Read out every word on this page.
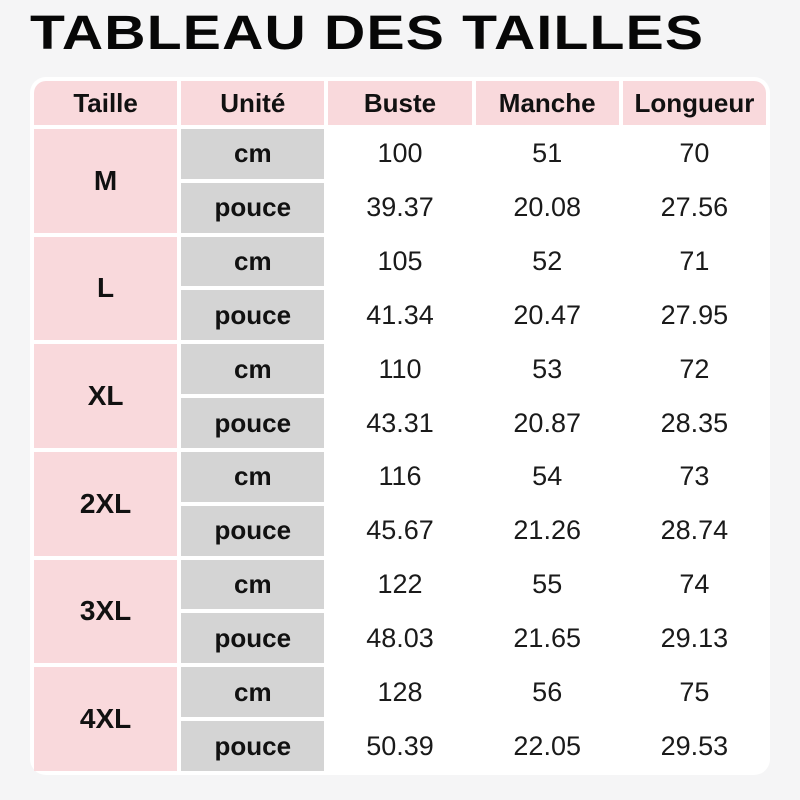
TABLEAU DES TAILLES
Taille	Unité	Buste	Manche	Longueur
M
cm	100	51	70
pouce	39.37	20.08	27.56
L
cm	105	52	71
pouce	41.34	20.47	27.95
XL
cm	110	53	72
pouce	43.31	20.87	28.35
2XL
cm	116	54	73
pouce	45.67	21.26	28.74
3XL
cm	122	55	74
pouce	48.03	21.65	29.13
4XL
cm	128	56	75
pouce	50.39	22.05	29.53
